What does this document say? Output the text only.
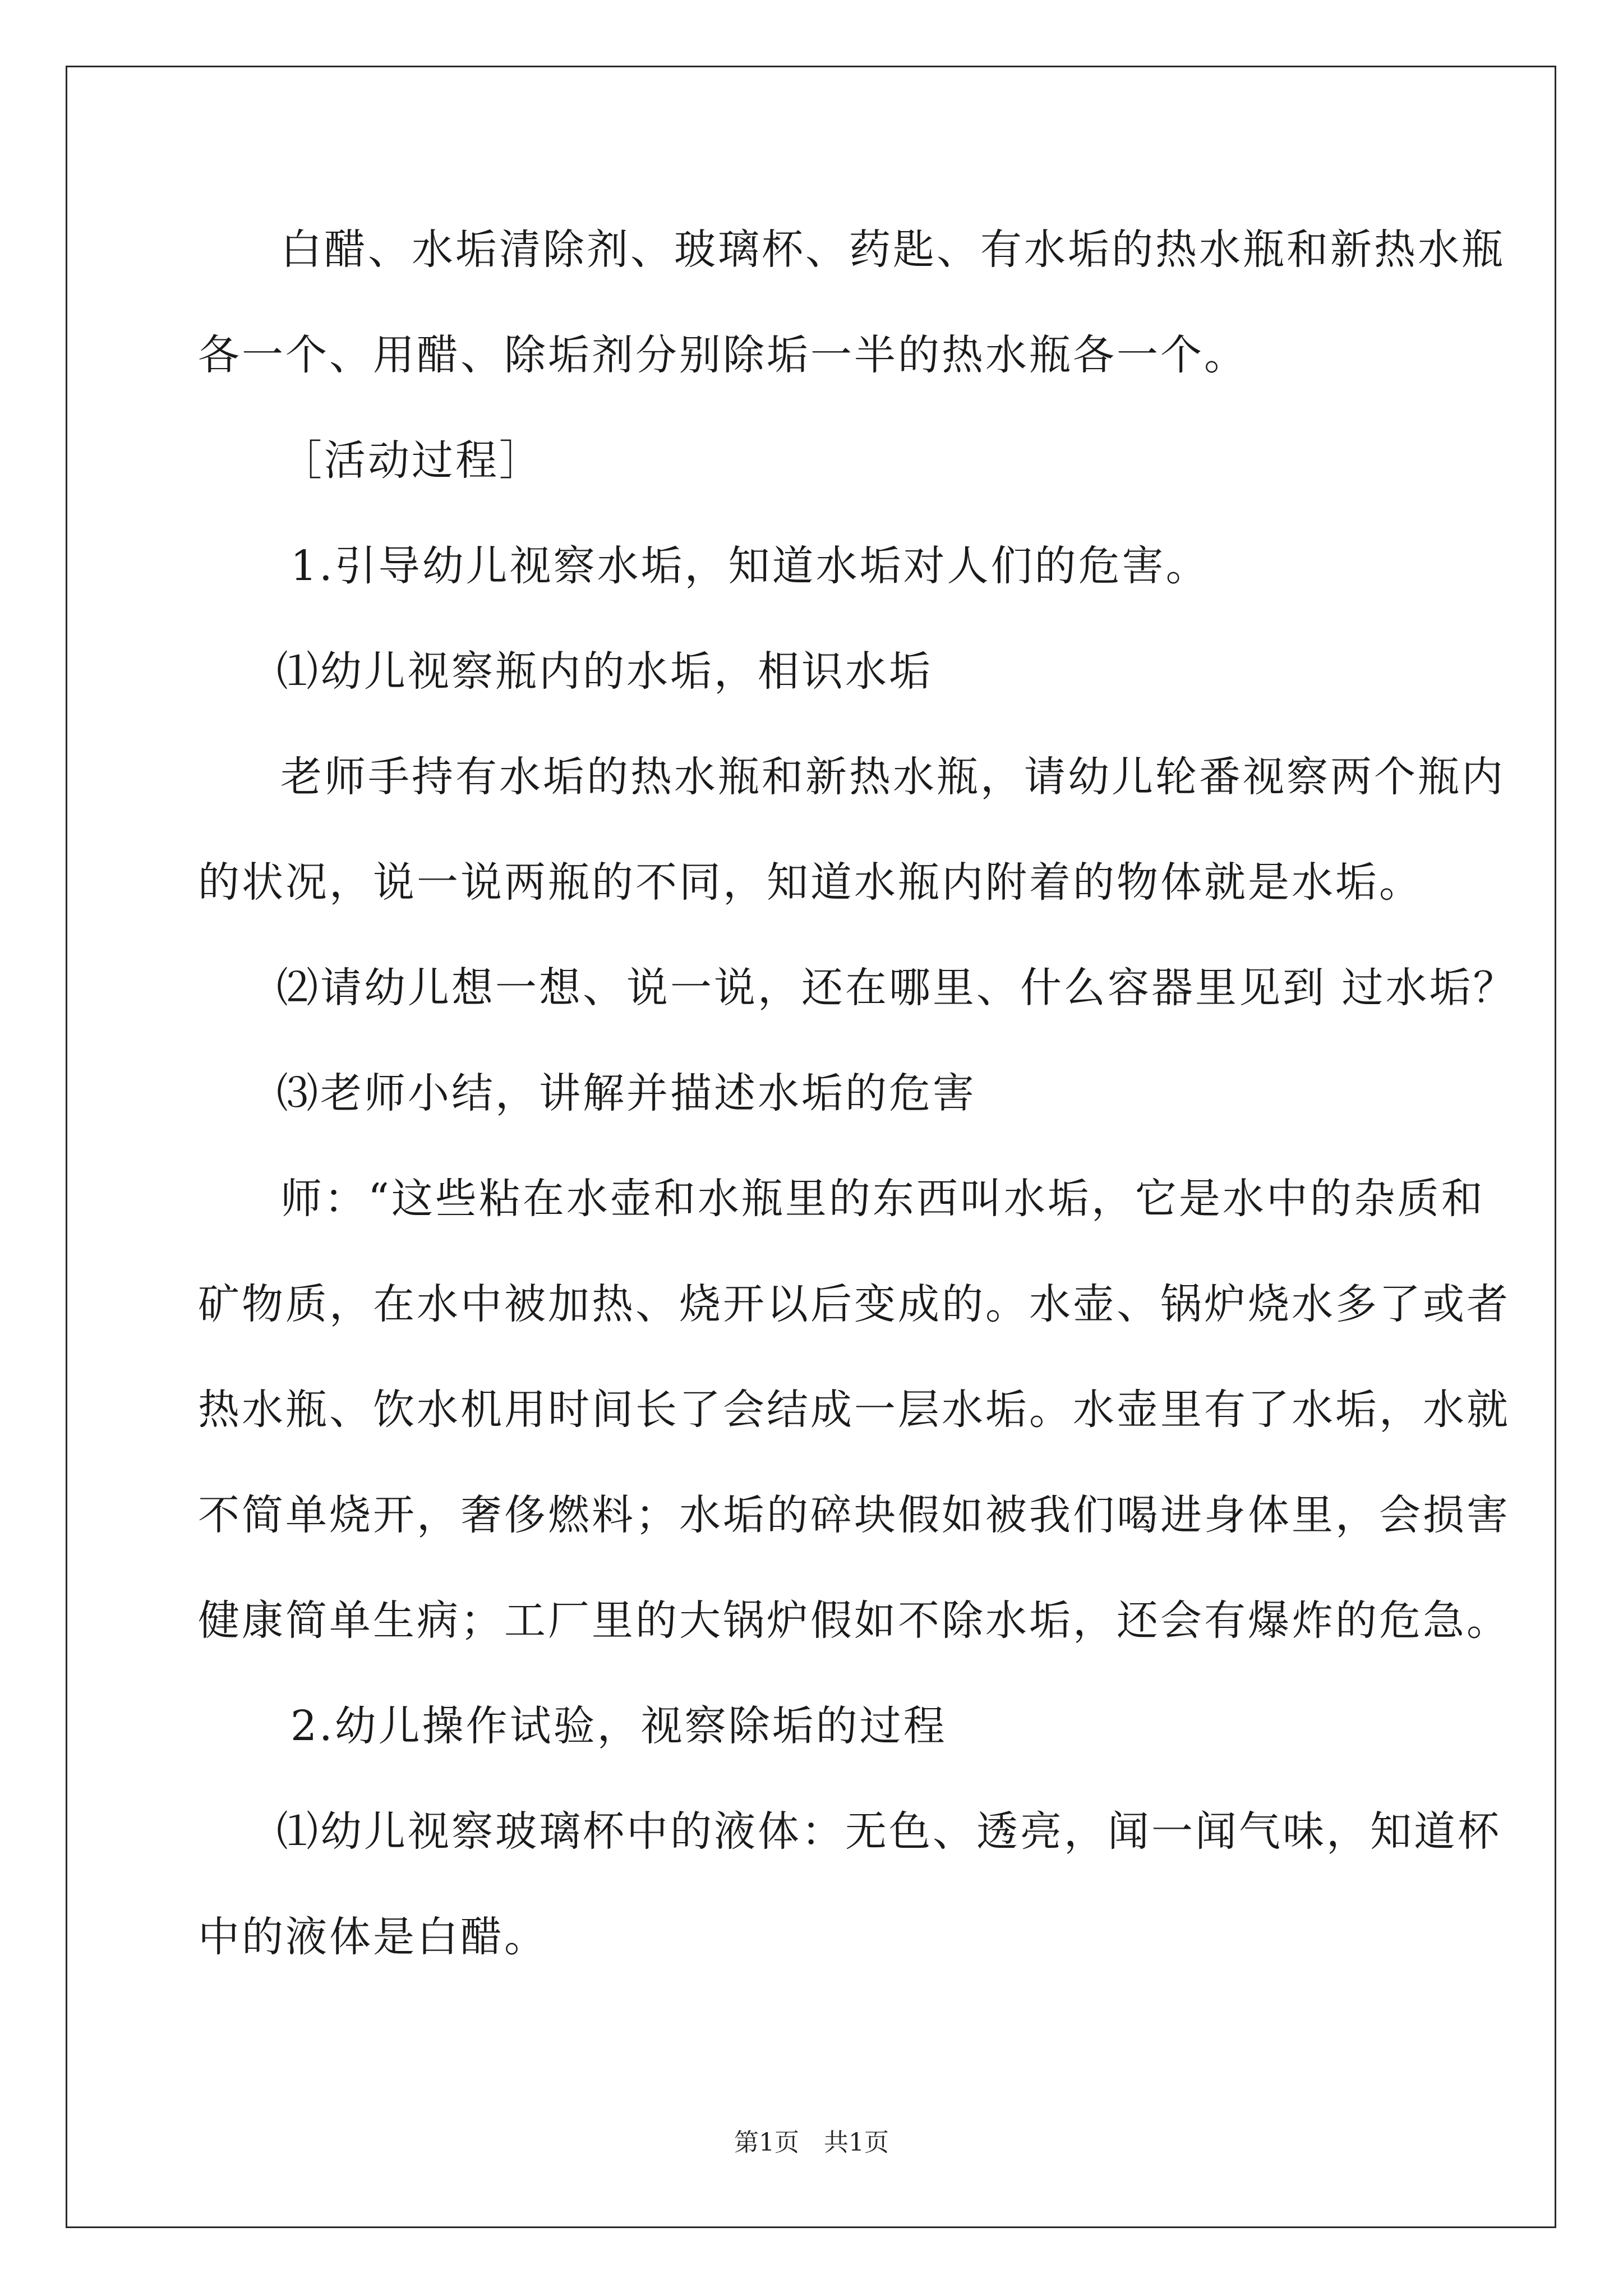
白醋、水垢清除剂、玻璃杯、药匙、有水垢的热水瓶和新热水瓶
各一个、用醋、除垢剂分别除垢一半的热水瓶各一个。
［活动过程］
1.引导幼儿视察水垢，知道水垢对人们的危害。
⑴幼儿视察瓶内的水垢，相识水垢
老师手持有水垢的热水瓶和新热水瓶，请幼儿轮番视察两个瓶内
的状况，说一说两瓶的不同，知道水瓶内附着的物体就是水垢。
⑵请幼儿想一想、说一说，还在哪里、什么容器里见到 过水垢？
⑶老师小结，讲解并描述水垢的危害
师：“这些粘在水壶和水瓶里的东西叫水垢，它是水中的杂质和
矿物质，在水中被加热、烧开以后变成的。水壶、锅炉烧水多了或者
热水瓶、饮水机用时间长了会结成一层水垢。水壶里有了水垢，水就
不简单烧开，奢侈燃料；水垢的碎块假如被我们喝进身体里，会损害
健康简单生病；工厂里的大锅炉假如不除水垢，还会有爆炸的危急。
2.幼儿操作试验，视察除垢的过程
⑴幼儿视察玻璃杯中的液体：无色、透亮，闻一闻气味，知道杯
中的液体是白醋。
第1页　共1页
